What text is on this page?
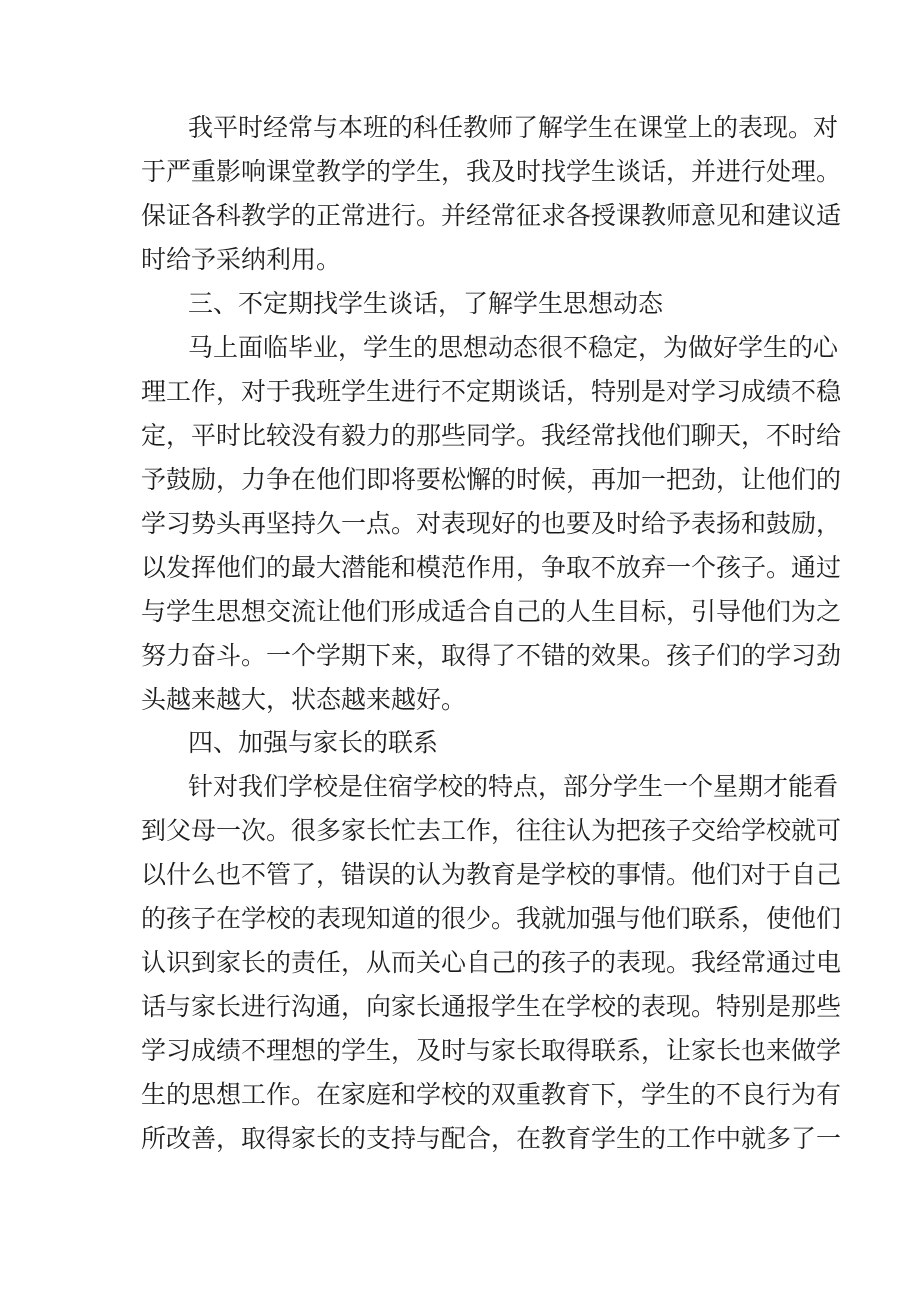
我平时经常与本班的科任教师了解学生在课堂上的表现。对
于严重影响课堂教学的学生，我及时找学生谈话，并进行处理。
保证各科教学的正常进行。并经常征求各授课教师意见和建议适
时给予采纳利用。
三、不定期找学生谈话，了解学生思想动态
马上面临毕业，学生的思想动态很不稳定，为做好学生的心
理工作，对于我班学生进行不定期谈话，特别是对学习成绩不稳
定，平时比较没有毅力的那些同学。我经常找他们聊天，不时给
予鼓励，力争在他们即将要松懈的时候，再加一把劲，让他们的
学习势头再坚持久一点。对表现好的也要及时给予表扬和鼓励，
以发挥他们的最大潜能和模范作用，争取不放弃一个孩子。通过
与学生思想交流让他们形成适合自己的人生目标，引导他们为之
努力奋斗。一个学期下来，取得了不错的效果。孩子们的学习劲
头越来越大，状态越来越好。
四、加强与家长的联系
针对我们学校是住宿学校的特点，部分学生一个星期才能看
到父母一次。很多家长忙去工作，往往认为把孩子交给学校就可
以什么也不管了，错误的认为教育是学校的事情。他们对于自己
的孩子在学校的表现知道的很少。我就加强与他们联系，使他们
认识到家长的责任，从而关心自己的孩子的表现。我经常通过电
话与家长进行沟通，向家长通报学生在学校的表现。特别是那些
学习成绩不理想的学生，及时与家长取得联系，让家长也来做学
生的思想工作。在家庭和学校的双重教育下，学生的不良行为有
所改善，取得家长的支持与配合，在教育学生的工作中就多了一
